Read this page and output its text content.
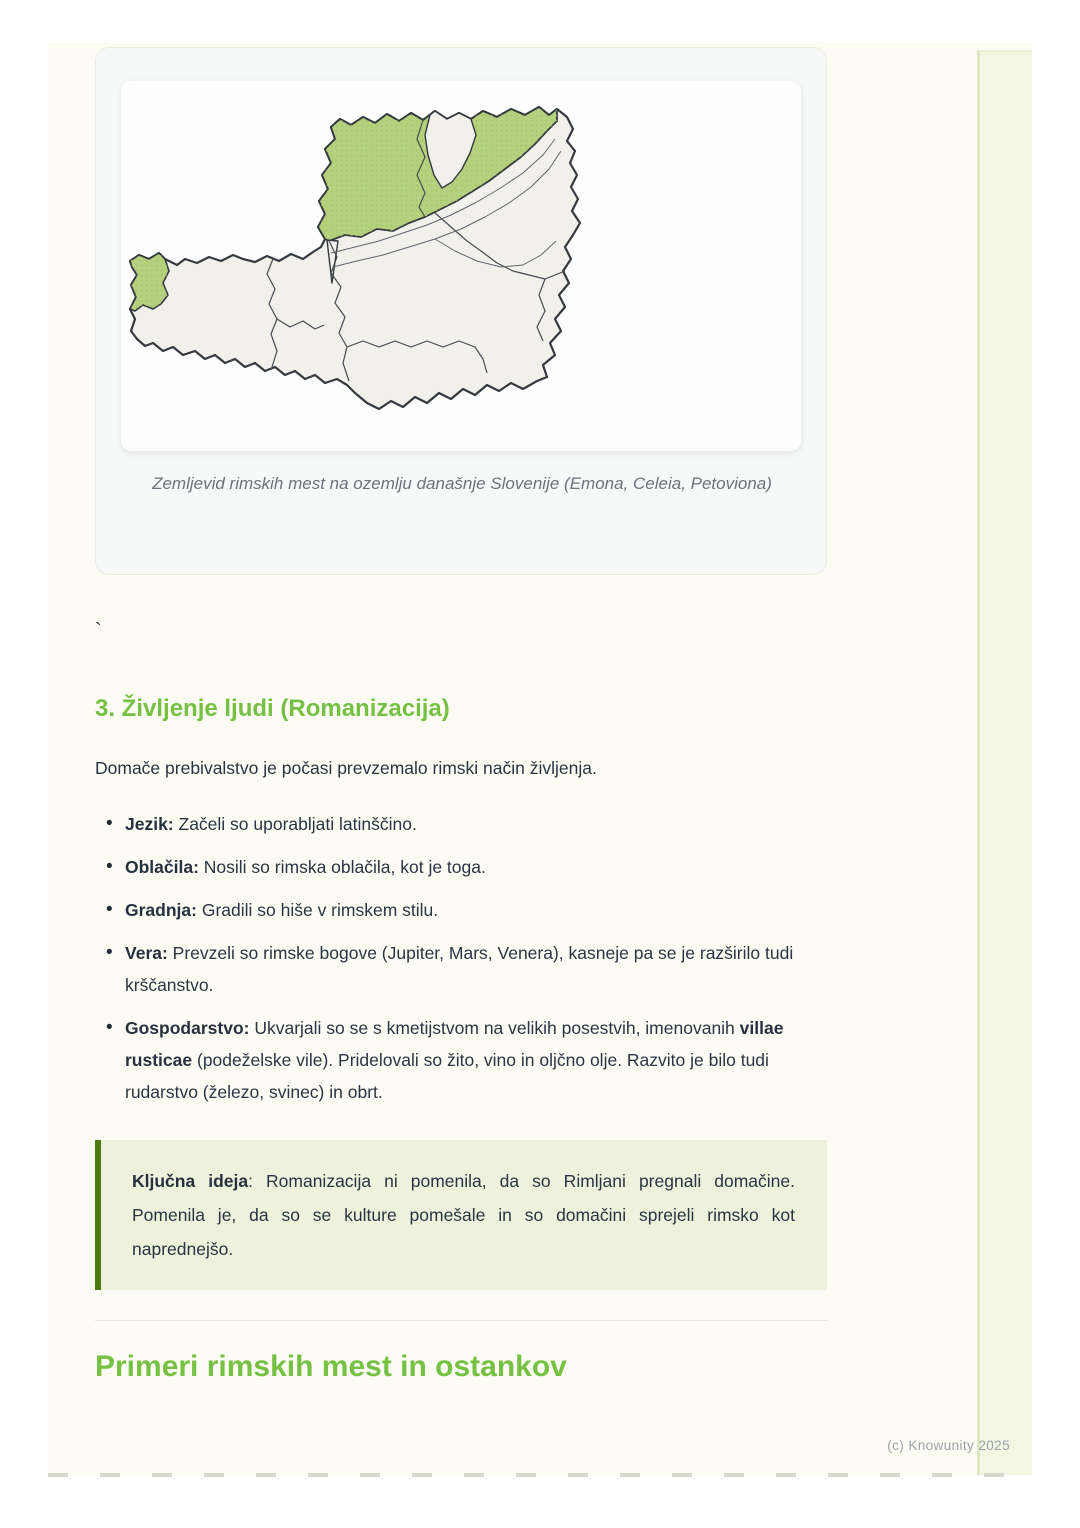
Zemljevid rimskih mest na ozemlju današnje Slovenije (Emona, Celeia, Petoviona)
`
3. Življenje ljudi (Romanizacija)

Domače prebivalstvo je počasi prevzemalo rimski način življenja.

• Jezik: Začeli so uporabljati latinščino.
• Oblačila: Nosili so rimska oblačila, kot je toga.
• Gradnja: Gradili so hiše v rimskem stilu.
• Vera: Prevzeli so rimske bogove (Jupiter, Mars, Venera), kasneje pa se je razširilo tudi krščanstvo.
• Gospodarstvo: Ukvarjali so se s kmetijstvom na velikih posestvih, imenovanih villae rusticae (podeželske vile). Pridelovali so žito, vino in oljčno olje. Razvito je bilo tudi rudarstvo (železo, svinec) in obrt.

Ključna ideja: Romanizacija ni pomenila, da so Rimljani pregnali domačine. Pomenila je, da so se kulture pomešale in so domačini sprejeli rimsko kot naprednejšo.

Primeri rimskih mest in ostankov
(c) Knowunity 2025
